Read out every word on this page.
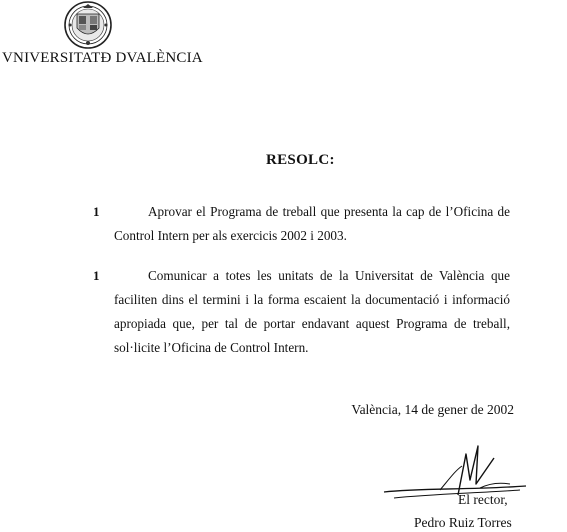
VNIVERSITATÐ DVALÈNCIA
RESOLC:
1	Aprovar el Programa de treball que presenta la cap de l’Oficina de Control Intern per als exercicis 2002 i 2003.
1	Comunicar a totes les unitats de la Universitat de València que faciliten dins el termini i la forma escaient la documentació i informació apropiada que, per tal de portar endavant aquest Programa de treball, sol·licite l’Oficina de Control Intern.
València, 14 de gener de 2002
El rector,
Pedro Ruiz Torres
